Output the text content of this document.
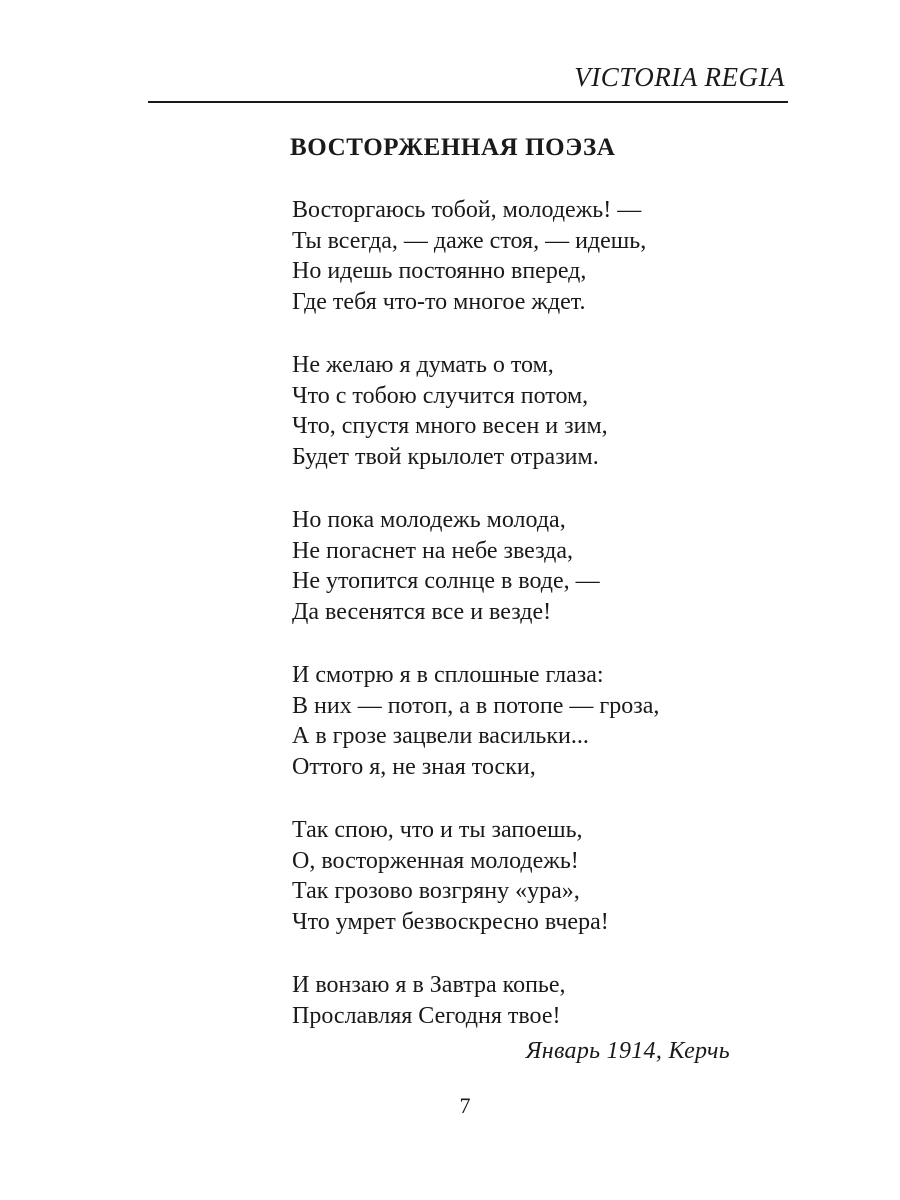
VICTORIA REGIA
ВОСТОРЖЕННАЯ ПОЭЗА
Восторгаюсь тобой, молодежь! —
Ты всегда, — даже стоя, — идешь,
Но идешь постоянно вперед,
Где тебя что-то многое ждет.
Не желаю я думать о том,
Что с тобою случится потом,
Что, спустя много весен и зим,
Будет твой крылолет отразим.
Но пока молодежь молода,
Не погаснет на небе звезда,
Не утопится солнце в воде, —
Да весенятся все и везде!
И смотрю я в сплошные глаза:
В них — потоп, а в потопе — гроза,
А в грозе зацвели васильки...
Оттого я, не зная тоски,
Так спою, что и ты запоешь,
О, восторженная молодежь!
Так грозово возгряну «ура»,
Что умрет безвоскресно вчера!
И вонзаю я в Завтра копье,
Прославляя Сегодня твое!
Январь 1914, Керчь
7
